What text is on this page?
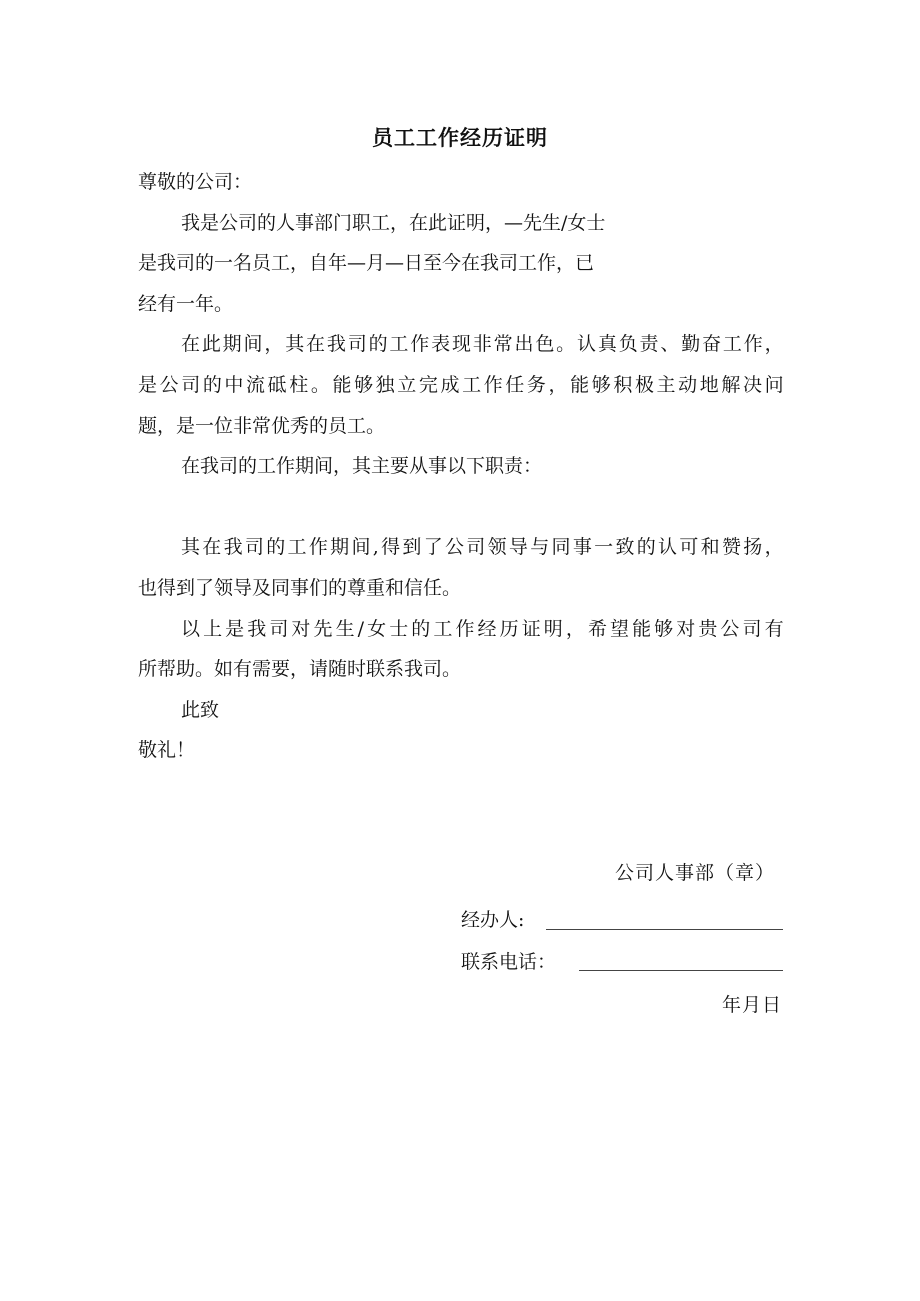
员工工作经历证明
尊敬的公司：
我是公司的人事部门职工，在此证明，—先生/女士
是我司的一名员工，自年—月—日至今在我司工作，已
经有一年。
在此期间，其在我司的工作表现非常出色。认真负责、勤奋工作，
是公司的中流砥柱。能够独立完成工作任务，能够积极主动地解决问
题，是一位非常优秀的员工。
在我司的工作期间，其主要从事以下职责：
其在我司的工作期间,得到了公司领导与同事一致的认可和赞扬，
也得到了领导及同事们的尊重和信任。
以上是我司对先生/女士的工作经历证明，希望能够对贵公司有
所帮助。如有需要，请随时联系我司。
此致
敬礼！
公司人事部（章）
经办人:
联系电话：
年月日
